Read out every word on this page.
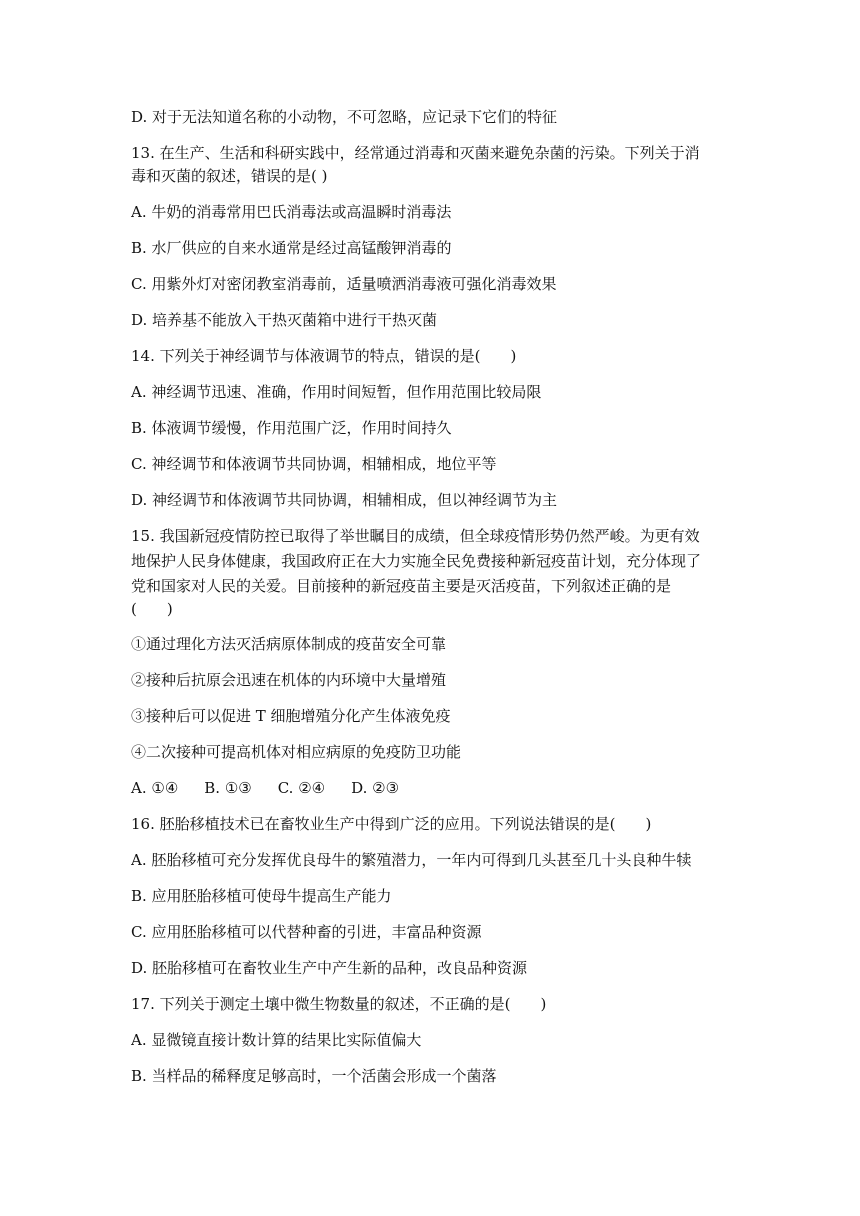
D. 对于无法知道名称的小动物，不可忽略，应记录下它们的特征
13. 在生产、生活和科研实践中，经常通过消毒和灭菌来避免杂菌的污染。下列关于消
毒和灭菌的叙述，错误的是( )
A. 牛奶的消毒常用巴氏消毒法或高温瞬时消毒法
B. 水厂供应的自来水通常是经过高锰酸钾消毒的
C. 用紫外灯对密闭教室消毒前，适量喷洒消毒液可强化消毒效果
D. 培养基不能放入干热灭菌箱中进行干热灭菌
14. 下列关于神经调节与体液调节的特点，错误的是(　　)
A. 神经调节迅速、准确，作用时间短暂，但作用范围比较局限
B. 体液调节缓慢，作用范围广泛，作用时间持久
C. 神经调节和体液调节共同协调，相辅相成，地位平等
D. 神经调节和体液调节共同协调，相辅相成，但以神经调节为主
15. 我国新冠疫情防控已取得了举世瞩目的成绩，但全球疫情形势仍然严峻。为更有效
地保护人民身体健康，我国政府正在大力实施全民免费接种新冠疫苗计划，充分体现了
党和国家对人民的关爱。目前接种的新冠疫苗主要是灭活疫苗，下列叙述正确的是
(　　)
①通过理化方法灭活病原体制成的疫苗安全可靠
②接种后抗原会迅速在机体的内环境中大量增殖
③接种后可以促进 T 细胞增殖分化产生体液免疫
④二次接种可提高机体对相应病原的免疫防卫功能
A. ①④ B. ①③ C. ②④ D. ②③
16. 胚胎移植技术已在畜牧业生产中得到广泛的应用。下列说法错误的是(　　)
A. 胚胎移植可充分发挥优良母牛的繁殖潜力，一年内可得到几头甚至几十头良种牛犊
B. 应用胚胎移植可使母牛提高生产能力
C. 应用胚胎移植可以代替种畜的引进，丰富品种资源
D. 胚胎移植可在畜牧业生产中产生新的品种，改良品种资源
17. 下列关于测定土壤中微生物数量的叙述，不正确的是(　　)
A. 显微镜直接计数计算的结果比实际值偏大
B. 当样品的稀释度足够高时，一个活菌会形成一个菌落
